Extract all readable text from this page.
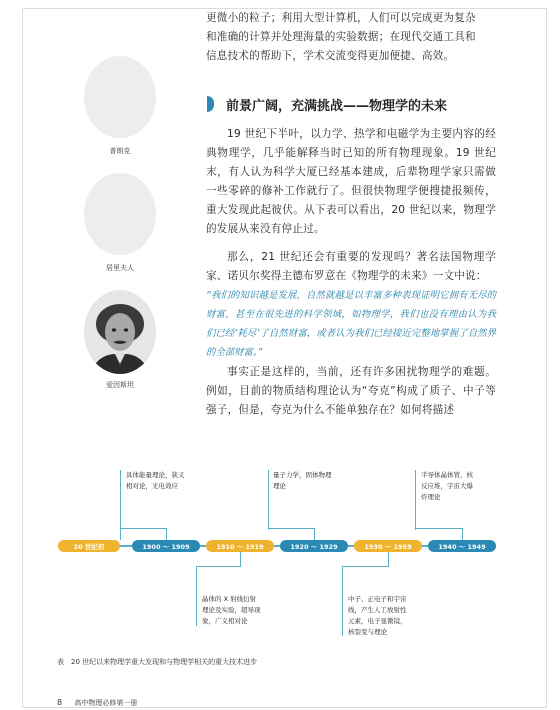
更微小的粒子；利用大型计算机，人们可以完成更为复杂
和准确的计算并处理海量的实验数据；在现代交通工具和
信息技术的帮助下，学术交流变得更加便捷、高效。

前景广阔，充满挑战——物理学的未来
普朗克
居里夫人
爱因斯坦

19 世纪下半叶，以力学、热学和电磁学为主要内容的经典物理学，几乎能解释当时已知的所有物理现象。19 世纪末，有人认为科学大厦已经基本建成，后辈物理学家只需做一些零碎的修补工作就行了。但很快物理学便搜捷报频传，重大发现此起彼伏。从下表可以看出，20 世纪以来，物理学的发展从来没有停止过。

那么，21 世纪还会有重要的发现吗？著名法国物理学家、诺贝尔奖得主德布罗意在《物理学的未来》一文中说：

“我们的知识越是发展，自然就越是以丰富多种表现证明它拥有无尽的财富，甚至在很先进的科学领域，如物理学，我们也没有理由认为我们已经‘耗尽’了自然财富，或者认为我们已经接近完整地掌握了自然界的全部财富。”

事实正是这样的，当前，还有许多困扰物理学的难题。例如，目前的物质结构理论认为“夸克”构成了质子、中子等强子，但是，夸克为什么不能单独存在？如何将描述

20 世纪初	1900 ～ 1909	1910 ～ 1919	1920 ～ 1929	1930 ～ 1959	1940 ～ 1949
具体能量理论，狭义
相对论，光电效应
量子力学，固体物理
理论
半导体晶体管，核
反应堆，宇宙大爆
炸理论
晶体的 X 射线衍射
理论及实验，超导现
象，广义相对论
中子、正电子和宇宙
线，产生人工放射性
元素，电子显微镜，
核裂变与理论
表　20 世纪以来物理学重大发现和与物理学相关的重大技术进步
8 高中物理必修第一册
